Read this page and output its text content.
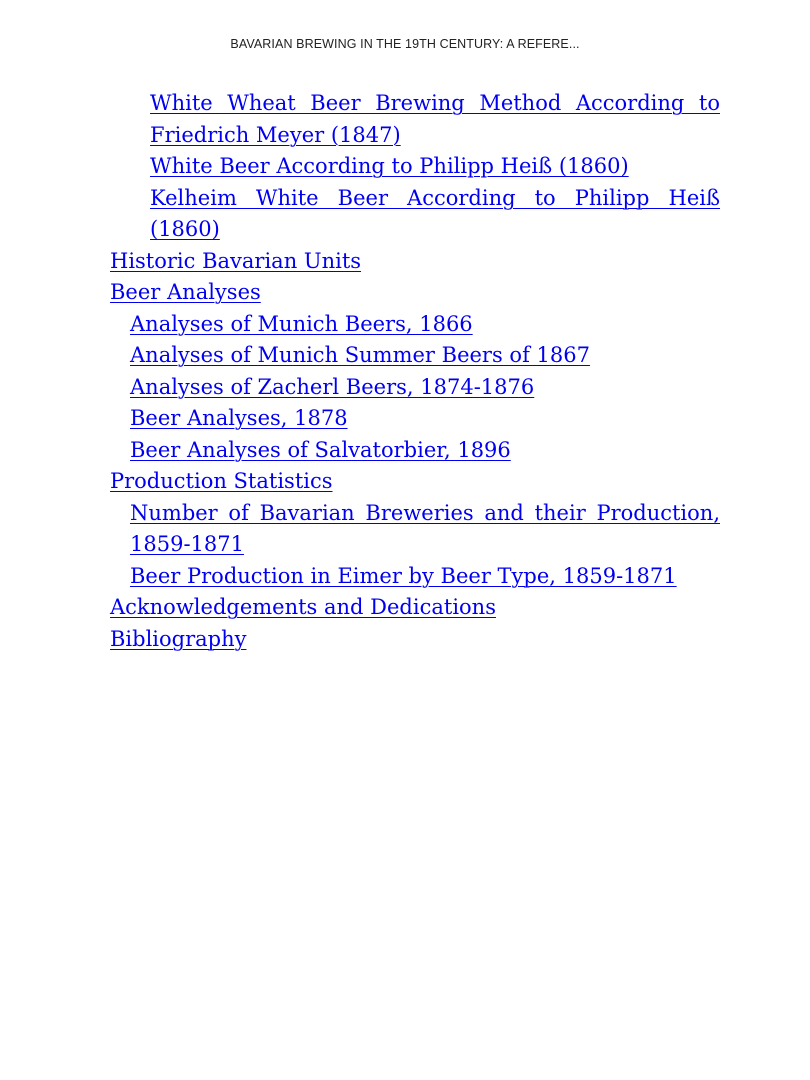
BAVARIAN BREWING IN THE 19TH CENTURY: A REFERE...
White Wheat Beer Brewing Method According to Friedrich Meyer (1847)
White Beer According to Philipp Heiß (1860)
Kelheim White Beer According to Philipp Heiß (1860)
Historic Bavarian Units
Beer Analyses
Analyses of Munich Beers, 1866
Analyses of Munich Summer Beers of 1867
Analyses of Zacherl Beers, 1874-1876
Beer Analyses, 1878
Beer Analyses of Salvatorbier, 1896
Production Statistics
Number of Bavarian Breweries and their Production, 1859-1871
Beer Production in Eimer by Beer Type, 1859-1871
Acknowledgements and Dedications
Bibliography
